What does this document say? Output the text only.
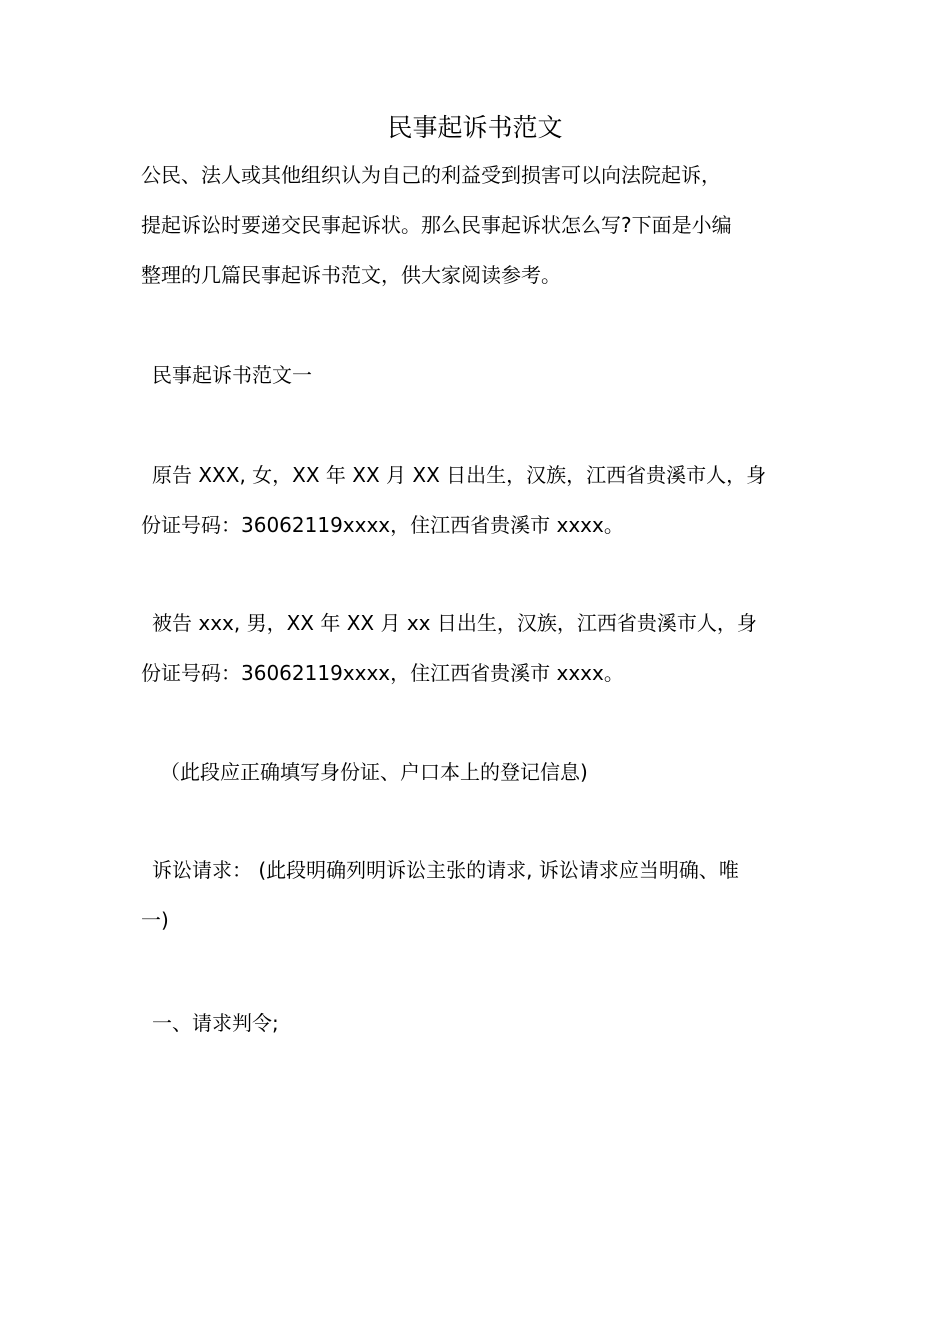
民事起诉书范文
公民、法人或其他组织认为自己的利益受到损害可以向法院起诉，
提起诉讼时要递交民事起诉状。那么民事起诉状怎么写?下面是小编
整理的几篇民事起诉书范文，供大家阅读参考。
民事起诉书范文一
原告 XXX, 女，XX 年 XX 月 XX 日出生，汉族，江西省贵溪市人，身
份证号码：36062119xxxx，住江西省贵溪市 xxxx。
被告 xxx, 男，XX 年 XX 月 xx 日出生，汉族，江西省贵溪市人，身
份证号码：36062119xxxx，住江西省贵溪市 xxxx。
（此段应正确填写身份证、户口本上的登记信息)
诉讼请求： (此段明确列明诉讼主张的请求, 诉讼请求应当明确、唯
一)
一、请求判令;
